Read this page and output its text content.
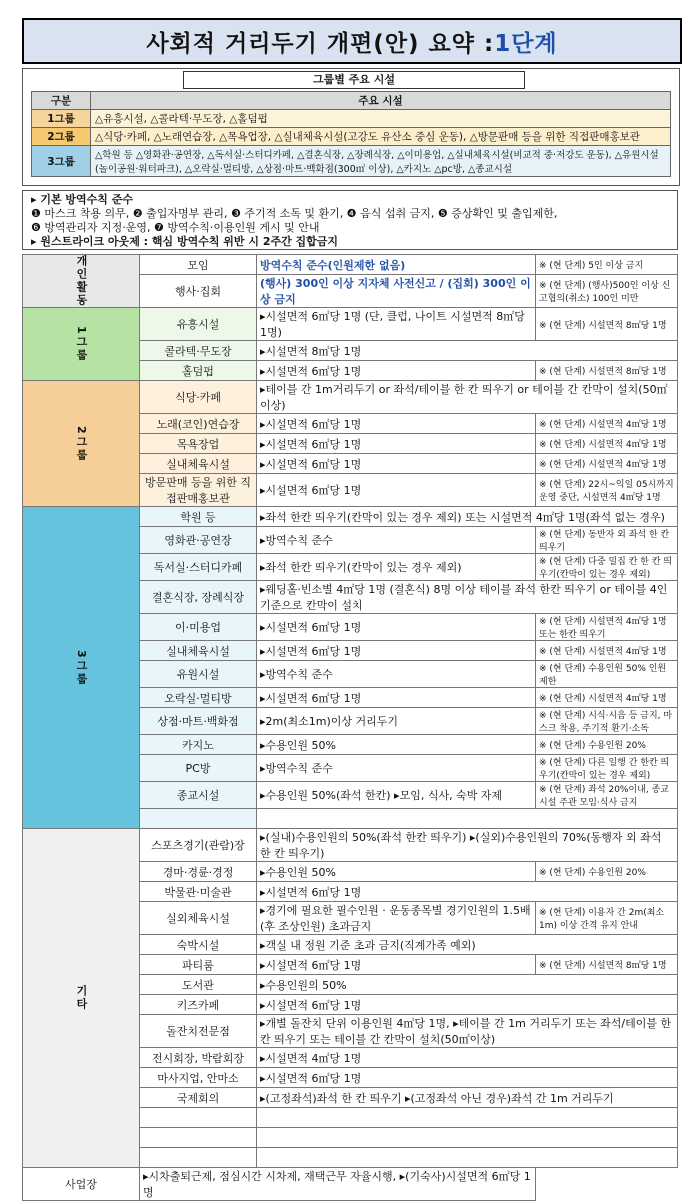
사회적 거리두기 개편(안) 요약 : 1단계
그룹별 주요 시설
구분	주요 시설
1그룹	△유흥시설, △콜라텍·무도장, △홀덤펍
2그룹	△식당·카페, △노래연습장, △목욕업장, △실내체육시설(고강도 유산소 중심 운동), △방문판매 등을 위한 직접판매홍보관
3그룹	△학원 등 △영화관·공연장, △독서실·스터디카페, △결혼식장, △장례식장, △이미용업, △실내체육시설(비교적 중·저강도 운동), △유원시설(놀이공원·워터파크), △오락실·멀티방, △상점·마트·백화점(300㎡ 이상), △카지노 △pc방, △종교시설
▸ 기본 방역수칙 준수
❶ 마스크 착용 의무, ❷ 출입자명부 관리, ❸ 주기적 소독 및 환기, ❹ 음식 섭취 금지, ❺ 증상확인 및 출입제한,
❻ 방역관리자 지정·운영, ❼ 방역수칙·이용인원 게시 및 안내
▸ 원스트라이크 아웃제 : 핵심 방역수칙 위반 시 2주간 집합금지
개인활동	모임	방역수칙 준수(인원제한 없음)	※ (현 단계) 5인 이상 금지
	행사·집회	(행사) 300인 이상 지자체 사전신고 / (집회) 300인 이상 금지	※ (현 단계) (행사)500인 이상 신고협의(취소) 100인 미만
1그룹	유흥시설	▸시설면적 6㎡당 1명 (단, 클럽, 나이트 시설면적 8㎡당 1명)	※ (현 단계) 시설면적 8㎡당 1명
	콜라텍·무도장	▸시설면적 8㎡당 1명	
	홀덤펍	▸시설면적 6㎡당 1명	※ (현 단계) 시설면적 8㎡당 1명
2그룹	식당·카페	▸테이블 간 1m거리두기 or 좌석/테이블 한 칸 띄우기 or 테이블 간 칸막이 설치(50㎡ 이상)	
	노래(코인)연습장	▸시설면적 6㎡당 1명	※ (현 단계) 시설면적 4㎡당 1명
	목욕장업	▸시설면적 6㎡당 1명	※ (현 단계) 시설면적 4㎡당 1명
	실내체육시설	▸시설면적 6㎡당 1명	※ (현 단계) 시설면적 4㎡당 1명
	방문판매 등을 위한 직접판매홍보관	▸시설면적 6㎡당 1명	※ (현 단계) 22시~익일 05시까지 운영 중단, 시설면적 4㎡당 1명
3그룹	학원 등	▸좌석 한칸 띄우기(칸막이 있는 경우 제외) 또는 시설면적 4㎡당 1명(좌석 없는 경우)	
	영화관·공연장	▸방역수칙 준수	※ (현 단계) 동반자 외 좌석 한 칸 띄우기
	독서실·스터디카페	▸좌석 한칸 띄우기(칸막이 있는 경우 제외)	※ (현 단계) 다중 밀집 칸 한 칸 띄우기(칸막이 있는 경우 제외)
	결혼식장, 장례식장	▸웨딩홀·빈소별 4㎡당 1명 (결혼식) 8명 이상 테이블 좌석 한칸 띄우기 or 테이블 4인 기준으로 칸막이 설치	
	이·미용업	▸시설면적 6㎡당 1명	※ (현 단계) 시설면적 4㎡당 1명 또는 한칸 띄우기
	실내체육시설	▸시설면적 6㎡당 1명	※ (현 단계) 시설면적 4㎡당 1명
	유원시설	▸방역수칙 준수	※ (현 단계) 수용인원 50% 인원제한
	오락실·멀티방	▸시설면적 6㎡당 1명	※ (현 단계) 시설면적 4㎡당 1명
	상점·마트·백화점	▸2m(최소1m)이상 거리두기	※ (현 단계) 시식·시음 등 금지, 마스크 착용, 주기적 환기·소독
	카지노	▸수용인원 50%	※ (현 단계) 수용인원 20%
	PC방	▸방역수칙 준수	※ (현 단계) 다른 일행 간 한칸 띄우기(칸막이 있는 경우 제외)
	종교시설	▸수용인원 50%(좌석 한칸) ▸모임, 식사, 숙박 자제	※ (현 단계) 좌석 20%이내, 종교시설 주관 모임·식사 금지

기타	스포츠경기(관람)장	▸(실내)수용인원의 50%(좌석 한칸 띄우기) ▸(실외)수용인원의 70%(동행자 외 좌석 한 칸 띄우기)	
	경마·경륜·경정	▸수용인원 50%	※ (현 단계) 수용인원 20%
	박물관·미술관	▸시설면적 6㎡당 1명	
	실외체육시설	▸경기에 필요한 필수인원 · 운동종목별 경기인원의 1.5배(후 조상인원) 초과금지	※ (현 단계) 이용자 간 2m(최소1m) 이상 간격 유지 안내
	숙박시설	▸객실 내 정원 기준 초과 금지(직계가족 예외)	
	파티룸	▸시설면적 6㎡당 1명	※ (현 단계) 시설면적 8㎡당 1명
	도서관	▸수용인원의 50%	
	키즈카페	▸시설면적 6㎡당 1명	
	돌잔치전문점	▸개별 돌잔치 단위 이용인원 4㎡당 1명, ▸테이블 간 1m 거리두기 또는 좌석/테이블 한칸 띄우기 또는 테이블 간 칸막이 설치(50㎡이상)	
	전시회장, 박람회장	▸시설면적 4㎡당 1명	
	마사지업, 안마소	▸시설면적 6㎡당 1명	
	국제회의	▸(고정좌석)좌석 한 칸 띄우기 ▸(고정좌석 아닌 경우)좌석 간 1m 거리두기	

사업장	▸시차출퇴근제, 점심시간 시차제, 재택근무 자율시행, ▸(기숙사)시설면적 6㎡당 1명		
